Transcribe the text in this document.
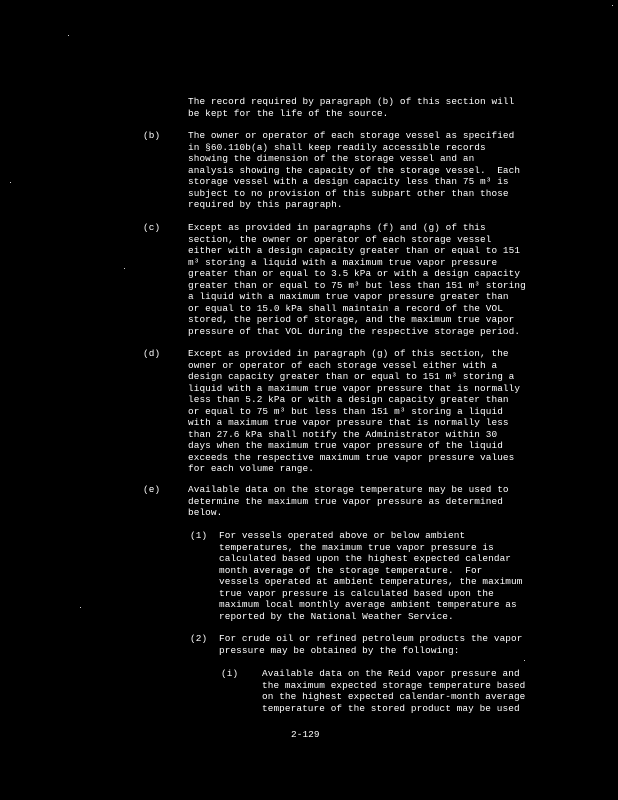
The record required by paragraph (b) of this section will
be kept for the life of the source.
(b)	The owner or operator of each storage vessel as specified
in §60.110b(a) shall keep readily accessible records
showing the dimension of the storage vessel and an
analysis showing the capacity of the storage vessel.  Each
storage vessel with a design capacity less than 75 m³ is
subject to no provision of this subpart other than those
required by this paragraph.
(c)	Except as provided in paragraphs (f) and (g) of this
section, the owner or operator of each storage vessel
either with a design capacity greater than or equal to 151
m³ storing a liquid with a maximum true vapor pressure
greater than or equal to 3.5 kPa or with a design capacity
greater than or equal to 75 m³ but less than 151 m³ storing
a liquid with a maximum true vapor pressure greater than
or equal to 15.0 kPa shall maintain a record of the VOL
stored, the period of storage, and the maximum true vapor
pressure of that VOL during the respective storage period.
(d)	Except as provided in paragraph (g) of this section, the
owner or operator of each storage vessel either with a
design capacity greater than or equal to 151 m³ storing a
liquid with a maximum true vapor pressure that is normally
less than 5.2 kPa or with a design capacity greater than
or equal to 75 m³ but less than 151 m³ storing a liquid
with a maximum true vapor pressure that is normally less
than 27.6 kPa shall notify the Administrator within 30
days when the maximum true vapor pressure of the liquid
exceeds the respective maximum true vapor pressure values
for each volume range.
(e)	Available data on the storage temperature may be used to
determine the maximum true vapor pressure as determined
below.
(1) For vessels operated above or below ambient
temperatures, the maximum true vapor pressure is
calculated based upon the highest expected calendar
month average of the storage temperature.  For
vessels operated at ambient temperatures, the maximum
true vapor pressure is calculated based upon the
maximum local monthly average ambient temperature as
reported by the National Weather Service.
(2) For crude oil or refined petroleum products the vapor
pressure may be obtained by the following:
(i)	Available data on the Reid vapor pressure and
the maximum expected storage temperature based
on the highest expected calendar-month average
temperature of the stored product may be used
2-129
